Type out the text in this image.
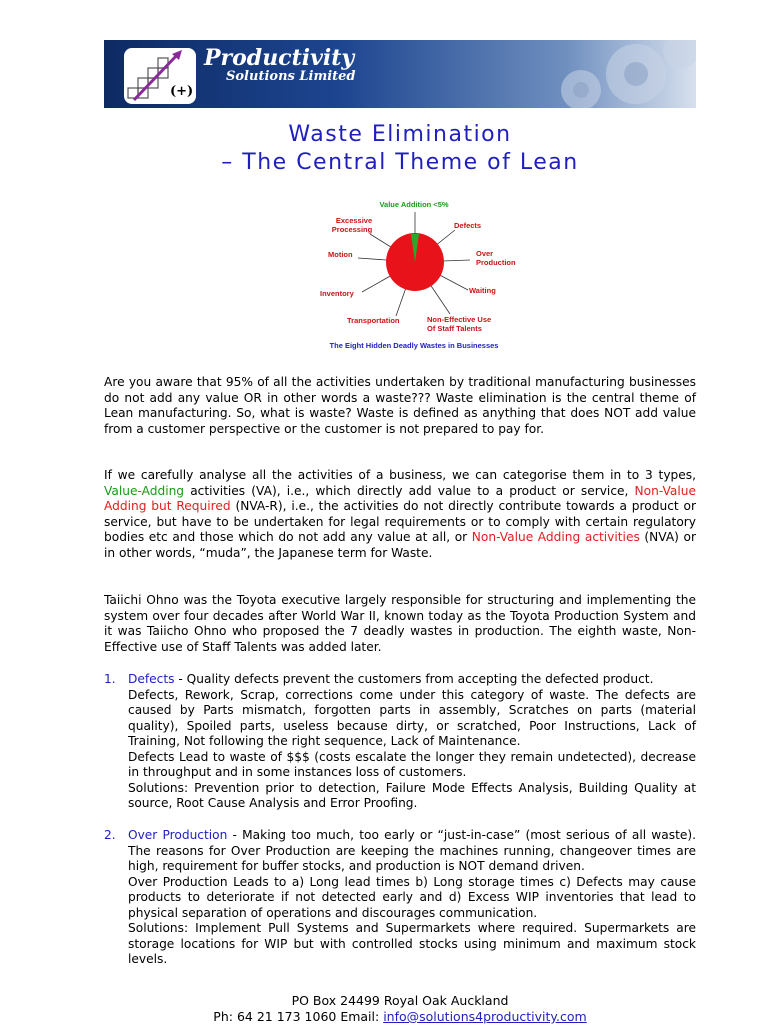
(+)
Productivity
Solutions Limited
Waste Elimination
– The Central Theme of Lean
Value Addition <5%
Excessive
Processing	Defects
Motion	Over
Production
Inventory	Waiting
Transportation	Non-Effective Use
Of Staff Talents
The Eight Hidden Deadly Wastes in Businesses

Are you aware that 95% of all the activities undertaken by traditional manufacturing businesses do not add any value OR in other words a waste??? Waste elimination is the central theme of Lean manufacturing. So, what is waste? Waste is defined as anything that does NOT add value from a customer perspective or the customer is not prepared to pay for.

If we carefully analyse all the activities of a business, we can categorise them in to 3 types, Value-Adding activities (VA), i.e., which directly add value to a product or service, Non-Value Adding but Required (NVA-R), i.e., the activities do not directly contribute towards a product or service, but have to be undertaken for legal requirements or to comply with certain regulatory bodies etc and those which do not add any value at all, or Non-Value Adding activities (NVA) or in other words, “muda”, the Japanese term for Waste.

Taiichi Ohno was the Toyota executive largely responsible for structuring and implementing the system over four decades after World War II, known today as the Toyota Production System and it was Taiicho Ohno who proposed the 7 deadly wastes in production. The eighth waste, Non-Effective use of Staff Talents was added later.

1.	Defects - Quality defects prevent the customers from accepting the defected product.
Defects, Rework, Scrap, corrections come under this category of waste. The defects are caused by Parts mismatch, forgotten parts in assembly, Scratches on parts (material quality), Spoiled parts, useless because dirty, or scratched, Poor Instructions, Lack of Training, Not following the right sequence, Lack of Maintenance.
Defects Lead to waste of $$$ (costs escalate the longer they remain undetected), decrease in throughput and in some instances loss of customers.
Solutions: Prevention prior to detection, Failure Mode Effects Analysis, Building Quality at source, Root Cause Analysis and Error Proofing.
2.	Over Production - Making too much, too early or “just-in-case” (most serious of all waste). The reasons for Over Production are keeping the machines running, changeover times are high, requirement for buffer stocks, and production is NOT demand driven.
Over Production Leads to a) Long lead times b) Long storage times c) Defects may cause products to deteriorate if not detected early and d) Excess WIP inventories that lead to physical separation of operations and discourages communication.
Solutions: Implement Pull Systems and Supermarkets where required. Supermarkets are storage locations for WIP but with controlled stocks using minimum and maximum stock levels.
PO Box 24499 Royal Oak Auckland
Ph: 64 21 173 1060 Email: info@solutions4productivity.com
